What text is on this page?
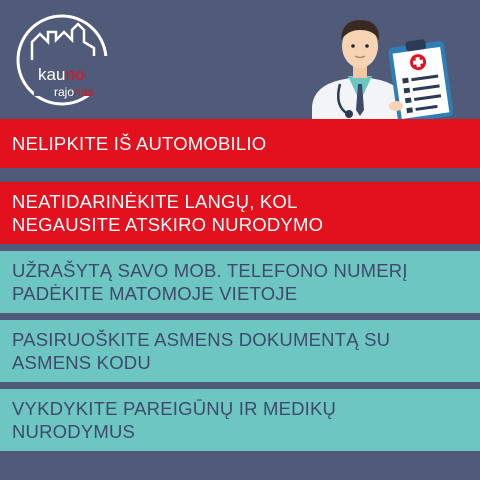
kauno
rajonas
NELIPKITE IŠ AUTOMOBILIO
NEATIDARINĖKITE LANGŲ, KOL
NEGAUSITE ATSKIRO NURODYMO
UŽRAŠYTĄ SAVO MOB. TELEFONO NUMERĮ
PADĖKITE MATOMOJE VIETOJE
PASIRUOŠKITE ASMENS DOKUMENTĄ SU
ASMENS KODU
VYKDYKITE PAREIGŪNŲ IR MEDIKŲ
NURODYMUS
